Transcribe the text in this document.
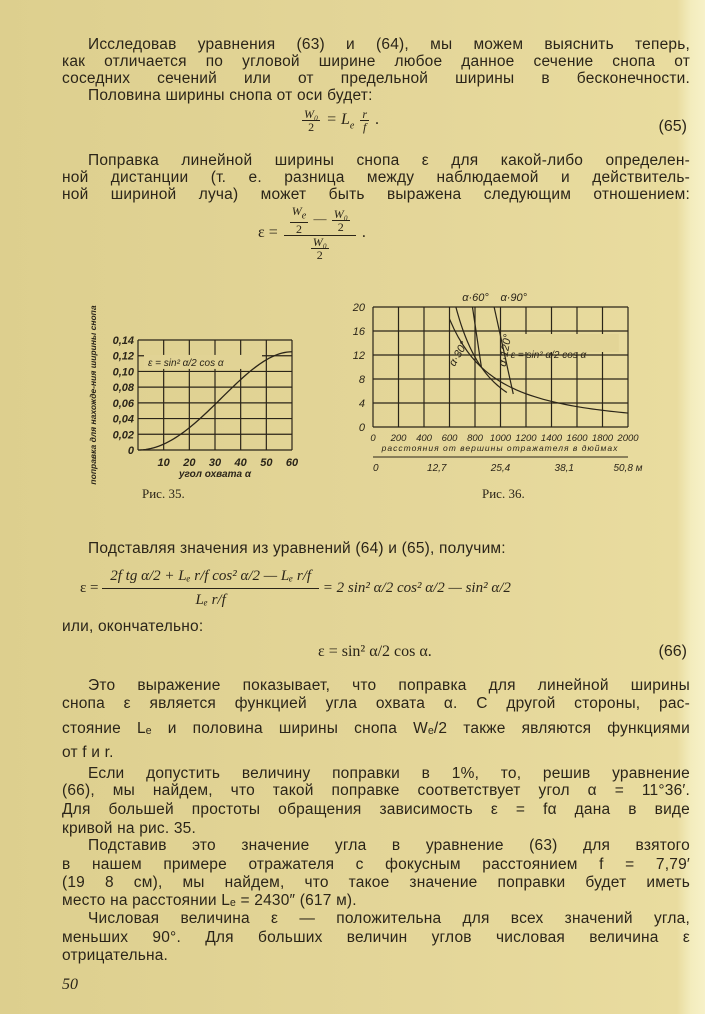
Исследовав уравнения (63) и (64), мы можем выяснить теперь,
как отличается по угловой ширине любое данное сечение снопа от
соседних сечений или от предельной ширины в бесконечности.
Половина ширины снопа от оси будет:
$\frac{\text{W₀}}{2} = L_e \frac{r}{f}$ .	(65)
Поправка линейной ширины снопа ε для какой-либо определен-
ной дистанции (т. е. разница между наблюдаемой и действитель-
ной шириной луча) может быть выражена следующим отношением:
$\varepsilon = \frac{\frac{W_e}{2} — \frac{\text{W₀}}{2}}{\frac{\text{W₀}}{2}}$ .
0
0,02
0,04
0,06
0,08
0,10
0,12
0,14
10 20 30 40 50 60
угол охвата α
поправка для нахожде-ния ширины снопа	ε = sin² α/2 cos α
0
4
8
12
16
20
0 200 400 600 800 1000 1200 1400 1600 1800 2000
расстояния от вершины отражателя в дюймах
0	12,7	25,4	38,1	50,8 м
ε = sin² α/2 cos α
α·60° α·90°
α·120°
α·30°
Рис. 35.	Рис. 36.
Подставляя значения из уравнений (64) и (65), получим:
$\varepsilon = \frac{\text{2f tg α/2 + Lₑ r/f cos² α/2 — Lₑ r/f}}{\text{Lₑ r/f}} = 2$ sin² α/2 cos² α/2 — sin² α/2
или, окончательно:
ε = sin² α/2 cos α.	(66)
Это выражение показывает, что поправка для линейной ширины
снопа ε является функцией угла охвата α. С другой стороны, рас-
стояние Lₑ и половина ширины снопа Wₑ/2 также являются функциями
от f и r.
Если допустить величину поправки в 1%, то, решив уравнение
(66), мы найдем, что такой поправке соответствует угол α = 11°36′.
Для большей простоты обращения зависимость ε = fα дана в виде
кривой на рис. 35.
Подставив это значение угла в уравнение (63) для взятого
в нашем примере отражателя с фокусным расстоянием f = 7,79′
(19 8 см), мы найдем, что такое значение поправки будет иметь
место на расстоянии Lₑ = 2430″ (617 м).
Числовая величина ε — положительна для всех значений угла,
меньших 90°. Для больших величин углов числовая величина ε
отрицательна.
50
